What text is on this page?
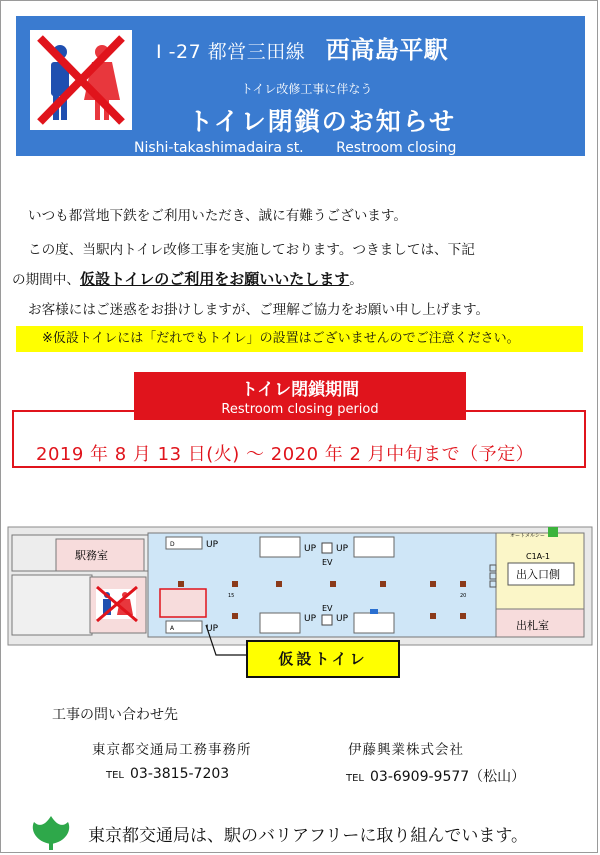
I -27 都営三田線 西高島平駅
トイレ改修工事に伴なう
トイレ閉鎖のお知らせ
Nishi-takashimadaira st. Restroom closing
いつも都営地下鉄をご利用いただき、誠に有難うございます。
この度、当駅内トイレ改修工事を実施しております。つきましては、下記
の期間中、仮設トイレのご利用をお願いいたします。
お客様にはご迷惑をお掛けしますが、ご理解ご協力をお願い申し上げます。
※仮設トイレには「だれでもトイレ」の設置はございませんのでご注意ください。
トイレ閉鎖期間
Restroom closing period
2019 年 8 月 13 日(火) 〜 2020 年 2 月中旬まで（予定）
駅務室
D	UP
A	UP
UP
EV
UP
UP
EV
UP
15	20
出札室
オートメルシー
C1A-1
出入口側
仮設トイレ
工事の問い合わせ先
東京都交通局工務事務所	伊藤興業株式会社
TEL 03-3815-7203	TEL 03-6909-9577（松山）
東京都交通局は、駅のバリアフリーに取り組んでいます。
